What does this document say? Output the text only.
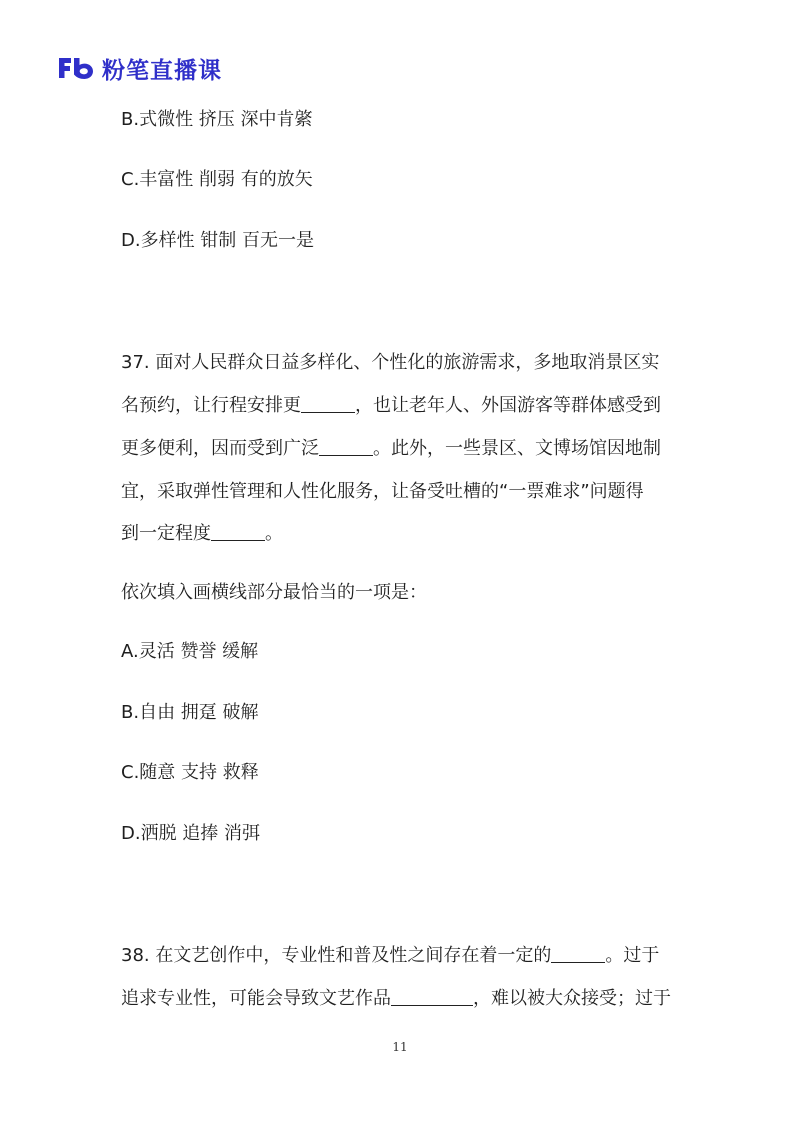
粉笔直播课
B.式微性 挤压 深中肯綮
C.丰富性 削弱 有的放矢
D.多样性 钳制 百无一是
37. 面对人民群众日益多样化、个性化的旅游需求，多地取消景区实
名预约，让行程安排更	，也让老年人、外国游客等群体感受到
更多便利，因而受到广泛	。此外，一些景区、文博场馆因地制
宜，采取弹性管理和人性化服务，让备受吐槽的“一票难求”问题得
到一定程度	。
依次填入画横线部分最恰当的一项是：
A.灵活 赞誉 缓解
B.自由 拥趸 破解
C.随意 支持 救释
D.洒脱 追捧 消弭
38. 在文艺创作中，专业性和普及性之间存在着一定的	。过于
追求专业性，可能会导致文艺作品	，难以被大众接受；过于
11
